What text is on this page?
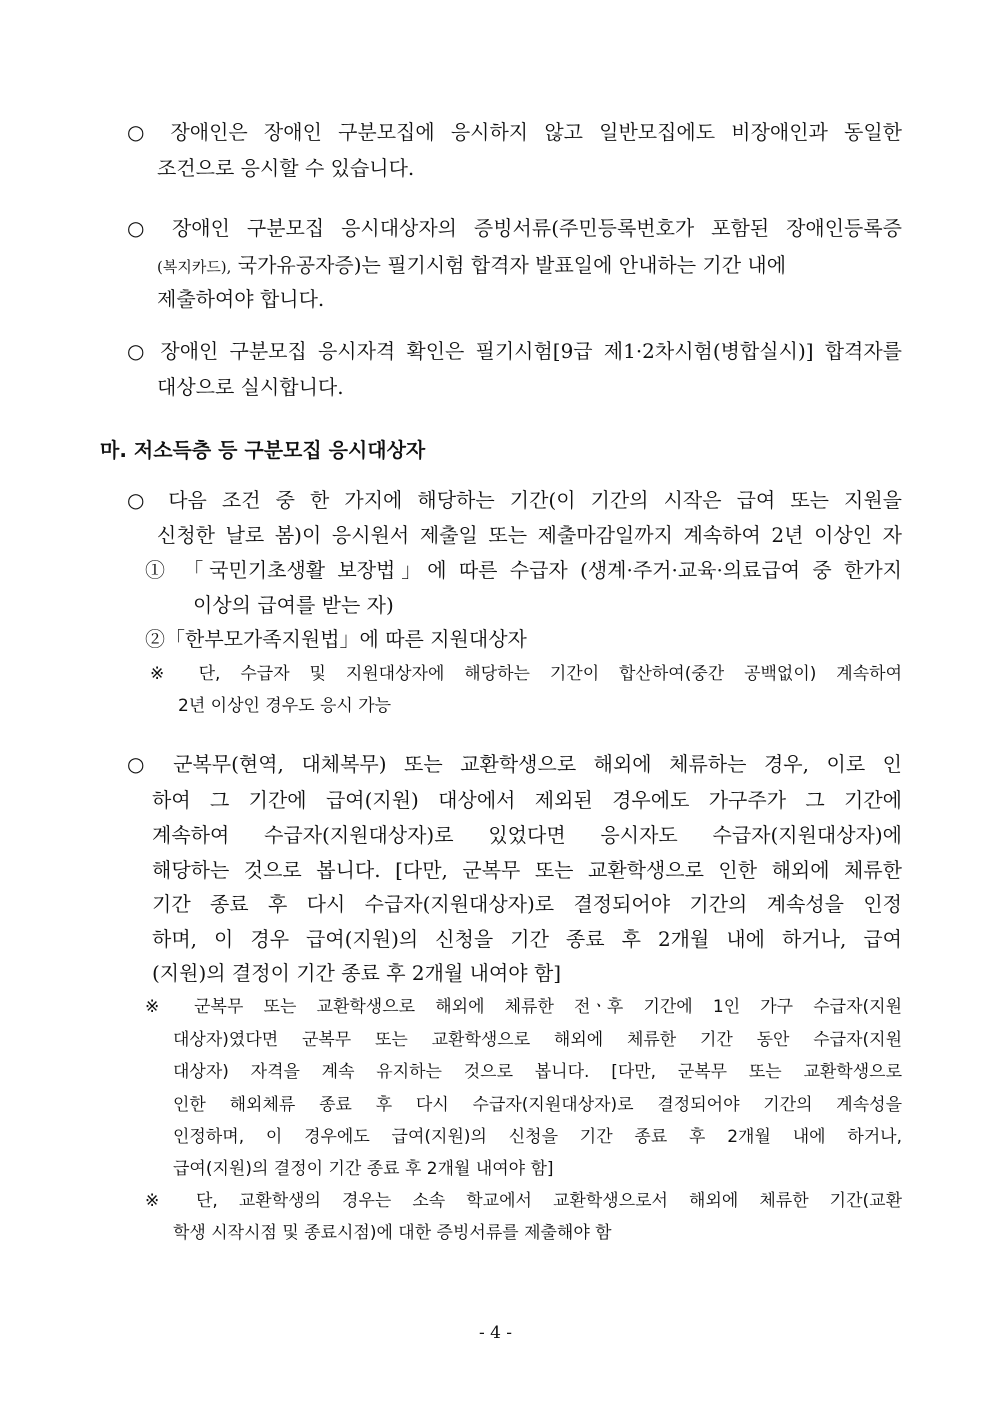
○ 장애인은 장애인 구분모집에 응시하지 않고 일반모집에도 비장애인과 동일한
조건으로 응시할 수 있습니다.
○ 장애인 구분모집 응시대상자의 증빙서류(주민등록번호가 포함된 장애인등록증
(복지카드), 국가유공자증)는 필기시험 합격자 발표일에 안내하는 기간 내에
제출하여야 합니다.
○ 장애인 구분모집 응시자격 확인은 필기시험[9급 제1·2차시험(병합실시)] 합격자를
대상으로 실시합니다.
마. 저소득층 등 구분모집 응시대상자
○ 다음 조건 중 한 가지에 해당하는 기간(이 기간의 시작은 급여 또는 지원을
신청한 날로 봄)이 응시원서 제출일 또는 제출마감일까지 계속하여 2년 이상인 자
① 「국민기초생활 보장법」에 따른 수급자 (생계·주거·교육·의료급여 중 한가지
이상의 급여를 받는 자)
②「한부모가족지원법」에 따른 지원대상자
※ 단, 수급자 및 지원대상자에 해당하는 기간이 합산하여(중간 공백없이) 계속하여
2년 이상인 경우도 응시 가능
○ 군복무(현역, 대체복무) 또는 교환학생으로 해외에 체류하는 경우, 이로 인
하여 그 기간에 급여(지원) 대상에서 제외된 경우에도 가구주가 그 기간에
계속하여 수급자(지원대상자)로 있었다면 응시자도 수급자(지원대상자)에
해당하는 것으로 봅니다. [다만, 군복무 또는 교환학생으로 인한 해외에 체류한
기간 종료 후 다시 수급자(지원대상자)로 결정되어야 기간의 계속성을 인정
하며, 이 경우 급여(지원)의 신청을 기간 종료 후 2개월 내에 하거나, 급여
(지원)의 결정이 기간 종료 후 2개월 내여야 함]
※ 군복무 또는 교환학생으로 해외에 체류한 전ㆍ후 기간에 1인 가구 수급자(지원
대상자)였다면 군복무 또는 교환학생으로 해외에 체류한 기간 동안 수급자(지원
대상자) 자격을 계속 유지하는 것으로 봅니다. [다만, 군복무 또는 교환학생으로
인한 해외체류 종료 후 다시 수급자(지원대상자)로 결정되어야 기간의 계속성을
인정하며, 이 경우에도 급여(지원)의 신청을 기간 종료 후 2개월 내에 하거나,
급여(지원)의 결정이 기간 종료 후 2개월 내여야 함]
※ 단, 교환학생의 경우는 소속 학교에서 교환학생으로서 해외에 체류한 기간(교환
학생 시작시점 및 종료시점)에 대한 증빙서류를 제출해야 함
- 4 -
